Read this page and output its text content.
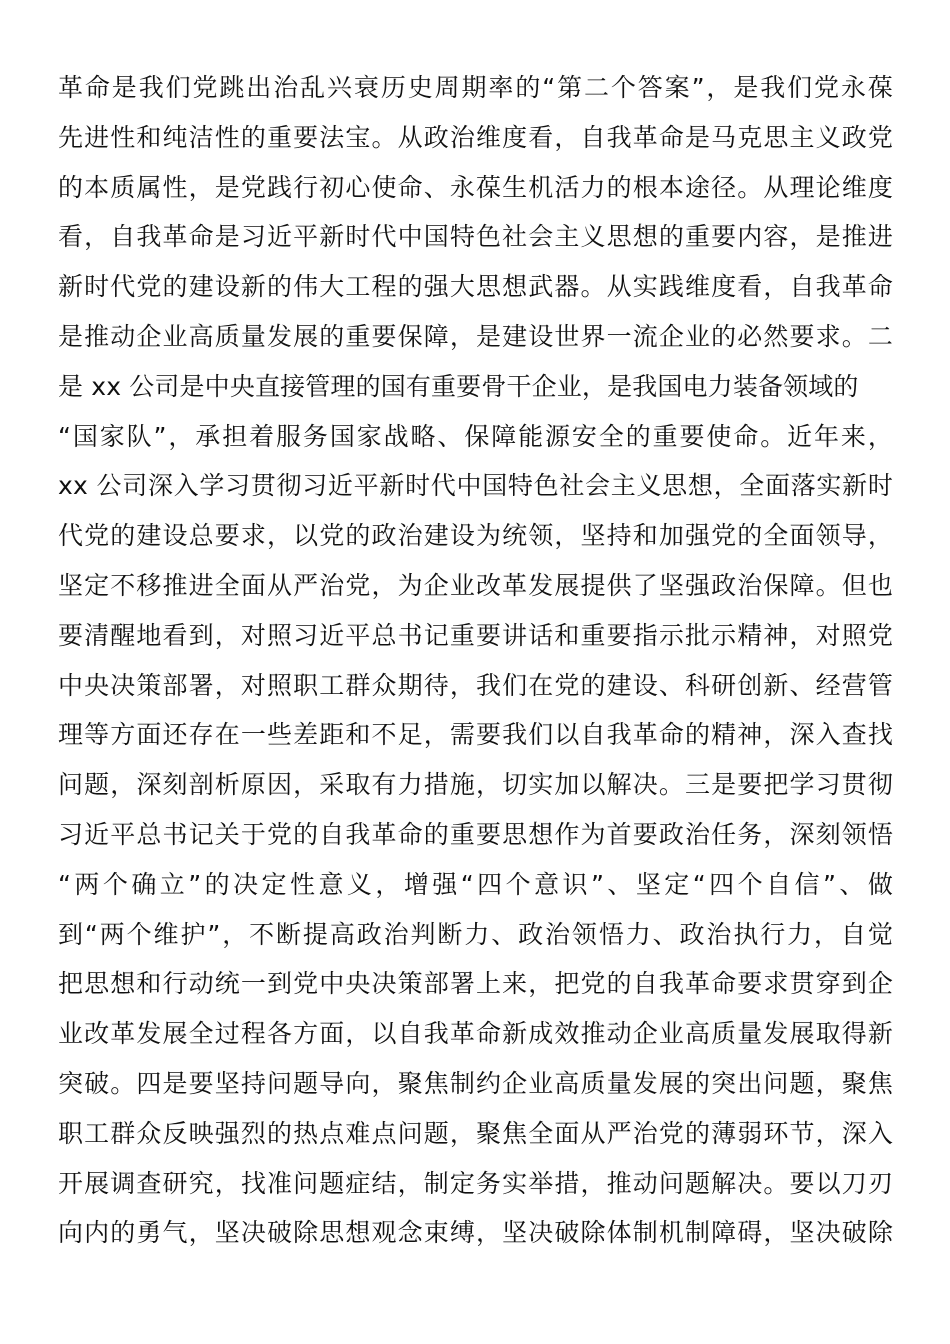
革命是我们党跳出治乱兴衰历史周期率的“第二个答案”，是我们党永葆
先进性和纯洁性的重要法宝。从政治维度看，自我革命是马克思主义政党
的本质属性，是党践行初心使命、永葆生机活力的根本途径。从理论维度
看，自我革命是习近平新时代中国特色社会主义思想的重要内容，是推进
新时代党的建设新的伟大工程的强大思想武器。从实践维度看，自我革命
是推动企业高质量发展的重要保障，是建设世界一流企业的必然要求。二
是 xx 公司是中央直接管理的国有重要骨干企业，是我国电力装备领域的
“国家队”，承担着服务国家战略、保障能源安全的重要使命。近年来，
xx 公司深入学习贯彻习近平新时代中国特色社会主义思想，全面落实新时
代党的建设总要求，以党的政治建设为统领，坚持和加强党的全面领导，
坚定不移推进全面从严治党，为企业改革发展提供了坚强政治保障。但也
要清醒地看到，对照习近平总书记重要讲话和重要指示批示精神，对照党
中央决策部署，对照职工群众期待，我们在党的建设、科研创新、经营管
理等方面还存在一些差距和不足，需要我们以自我革命的精神，深入查找
问题，深刻剖析原因，采取有力措施，切实加以解决。三是要把学习贯彻
习近平总书记关于党的自我革命的重要思想作为首要政治任务，深刻领悟
“两个确立”的决定性意义，增强“四个意识”、坚定“四个自信”、做
到“两个维护”，不断提高政治判断力、政治领悟力、政治执行力，自觉
把思想和行动统一到党中央决策部署上来，把党的自我革命要求贯穿到企
业改革发展全过程各方面，以自我革命新成效推动企业高质量发展取得新
突破。四是要坚持问题导向，聚焦制约企业高质量发展的突出问题，聚焦
职工群众反映强烈的热点难点问题，聚焦全面从严治党的薄弱环节，深入
开展调查研究，找准问题症结，制定务实举措，推动问题解决。要以刀刃
向内的勇气，坚决破除思想观念束缚，坚决破除体制机制障碍，坚决破除
